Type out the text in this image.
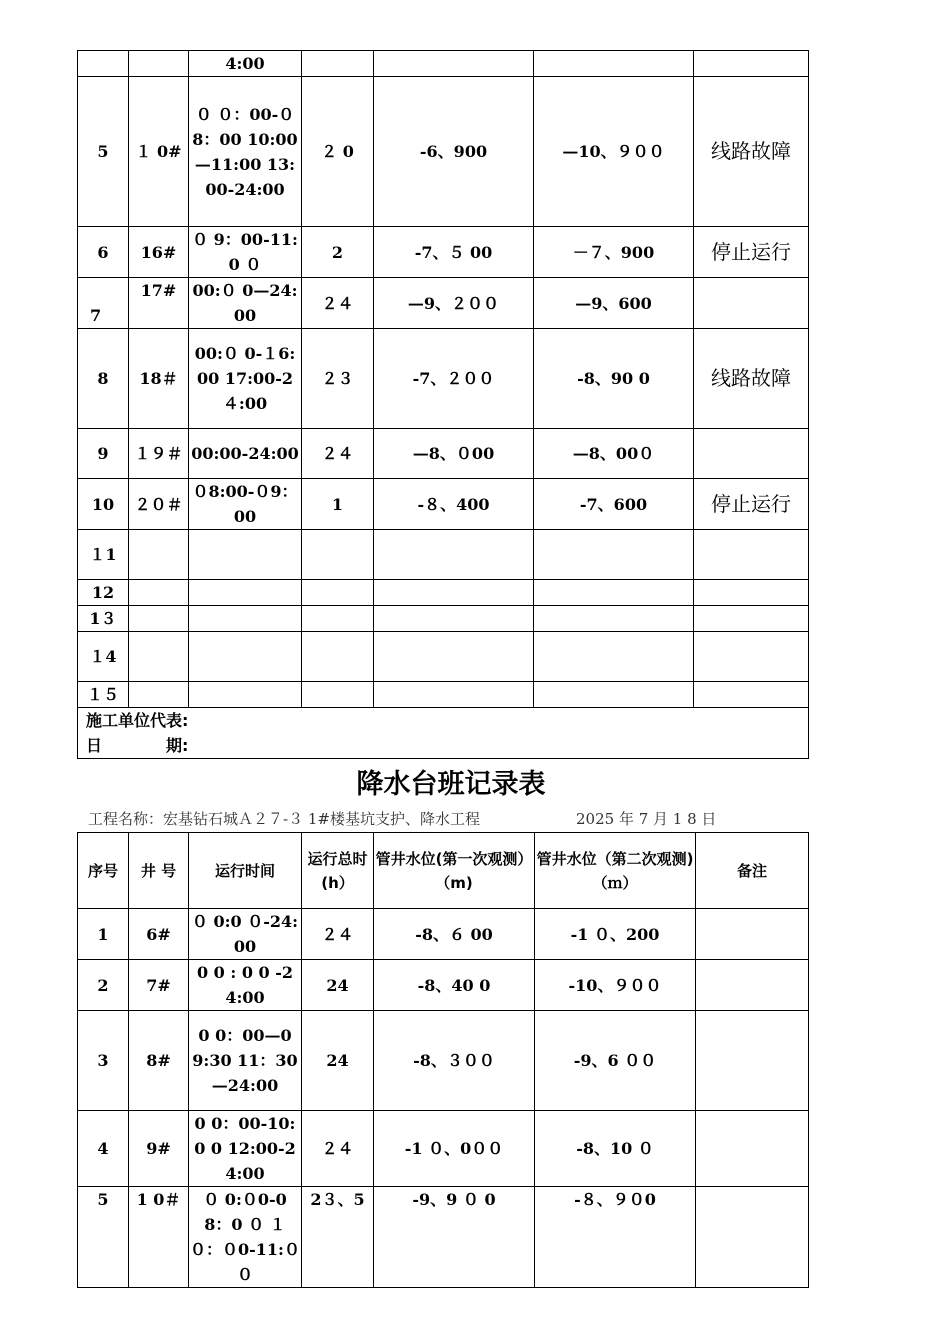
		4:00				
5	１ 0#	０ ０：00-０ 8：00 10:00—11:00 13:00-24:00	２ 0	-6、900	—10、９００	线路故障
6	16#	０ 9：00-11:0 ０	2	-7、５ 00	－７、900	停止运行
7	17#	00:０ 0—24:00	２４	—9、２００	—9、600	
8	18＃	00:０ 0-１6:00 17:00-2４:00	２３	-7、２００	-8、90 0	线路故障
9	１９＃	00:00-24:00	２４	—8、０00	—8、00０	
10	２０＃	０8:00-０9：00	1	-８、400	-7、600	停止运行
１1						
12						
1３						
１4						
１５						

施工单位代表:
日　　　　期:						
降水台班记录表
工程名称：宏基钻石城Ａ２７-３ 1#楼基坑支护、降水工程	2025 年 7 月 1 8 日
序号	井 号	运行时间	运行总时(h）	管井水位(第一次观测）（m)	管井水位（第二次观测)（ｍ）	备注
1	6#	０ 0:0 ０-24:00	２４	-8、６ 00	-1 ０、200	
2	7#	0 0 : 0 0 -24:00	24	-8、40 0	-10、９００	
3	8#	0 0：00—09:30 11：30—24:00	24	-8、３００	-9、6 ００	
4	9#	0 0：00-10:0 0 12:00-24:00	２４	-1 ０、0００	-8、10 ０	
5	1 0＃	０ 0:０0-08：0 ０ １０：０0-11:００	2３、5	-9、9 ０ 0	-８、９０0	
